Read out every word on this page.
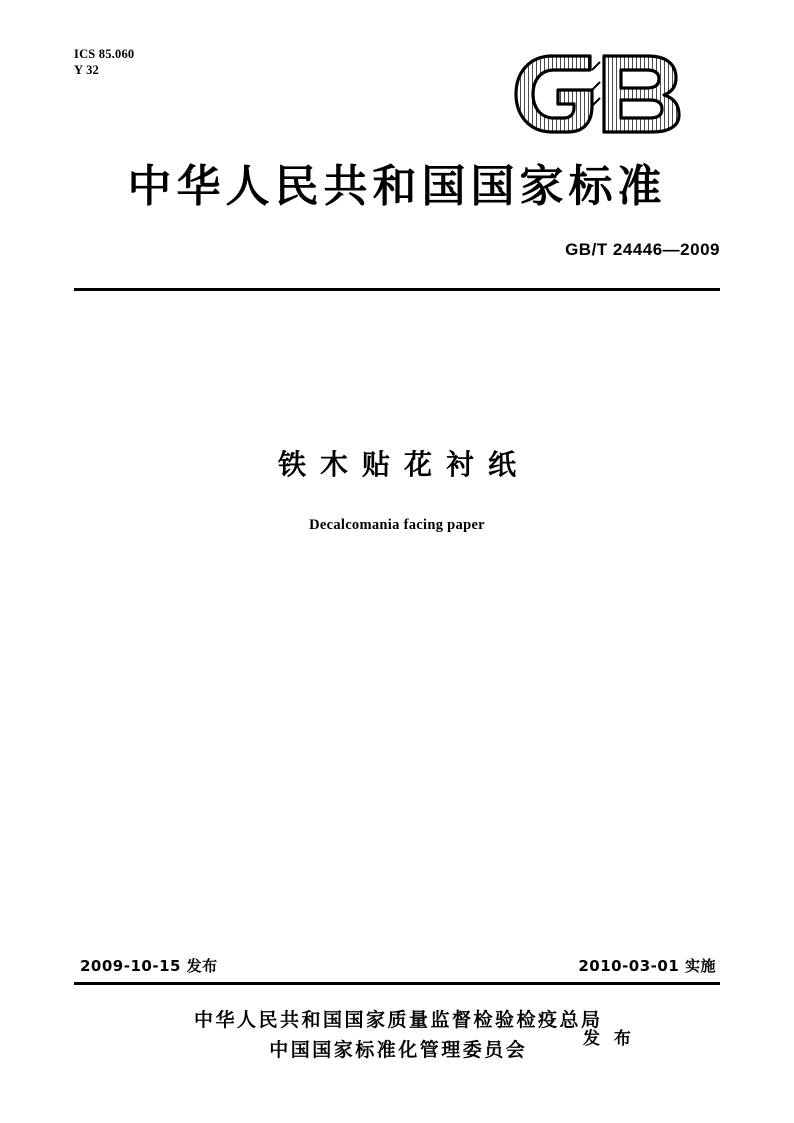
ICS 85.060
Y 32
中华人民共和国国家标准
GB/T 24446—2009
铁木贴花衬纸
Decalcomania facing paper
2009-10-15 发布	2010-03-01 实施
中华人民共和国国家质量监督检验检疫总局
中国国家标准化管理委员会	发 布
